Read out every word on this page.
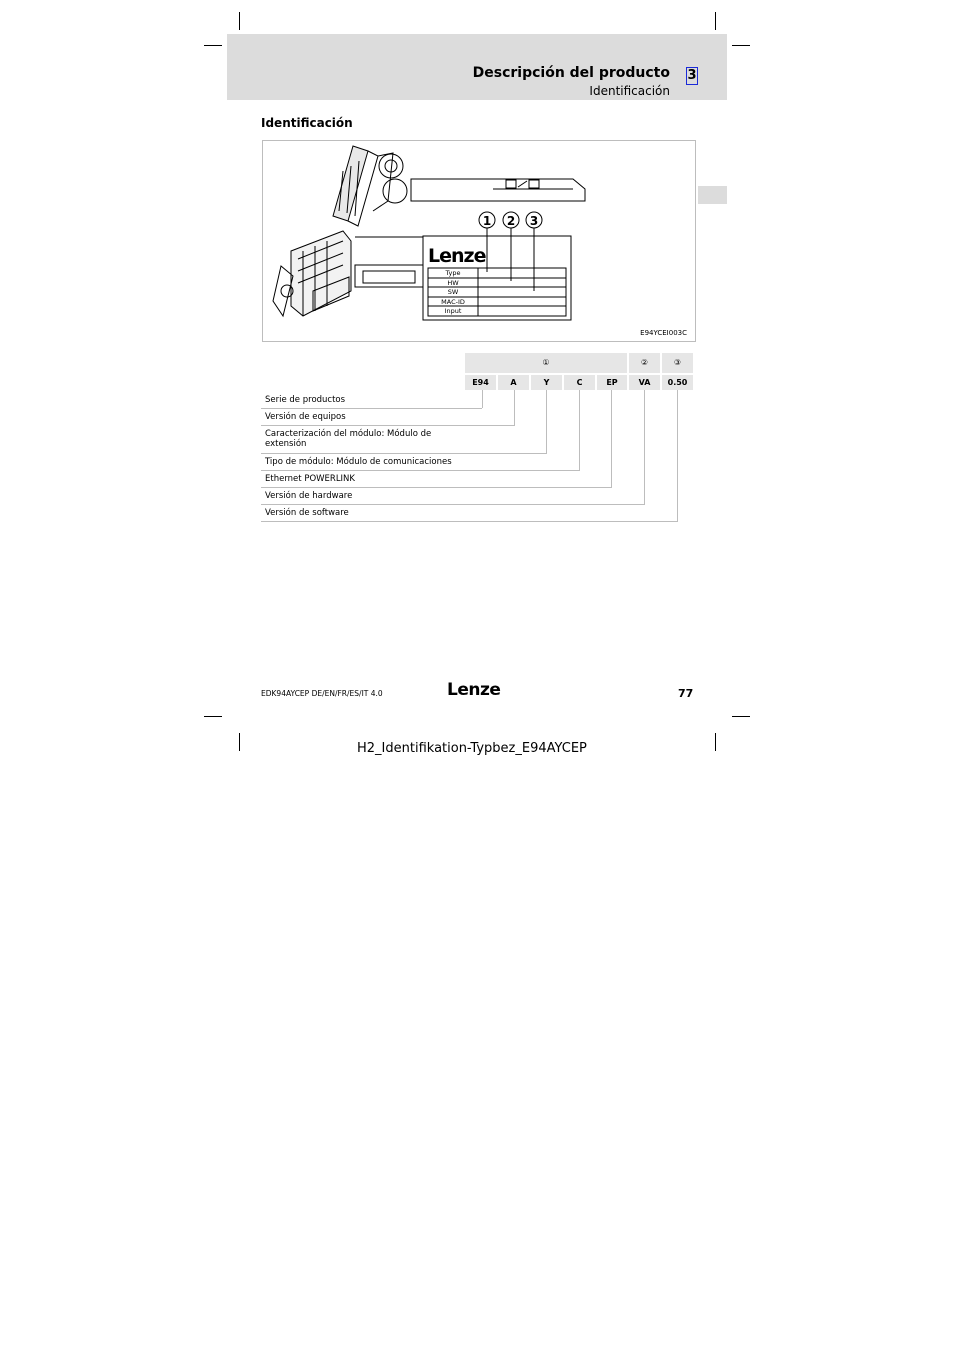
Descripción del producto
Identificación
3
Identificación
1 2 3
Lenze
Type
HW
SW
MAC-ID
Input
E94YCEI003C
①	②	③
E94	A	Y	C	EP	VA	0.50
Serie de productos
Versión de equipos
Caracterización del módulo: Módulo de extensión
Tipo de módulo: Módulo de comunicaciones
Ethernet POWERLINK
Versión de hardware
Versión de software
EDK94AYCEP DE/EN/FR/ES/IT 4.0	Lenze	77
H2_Identifikation-Typbez_E94AYCEP
